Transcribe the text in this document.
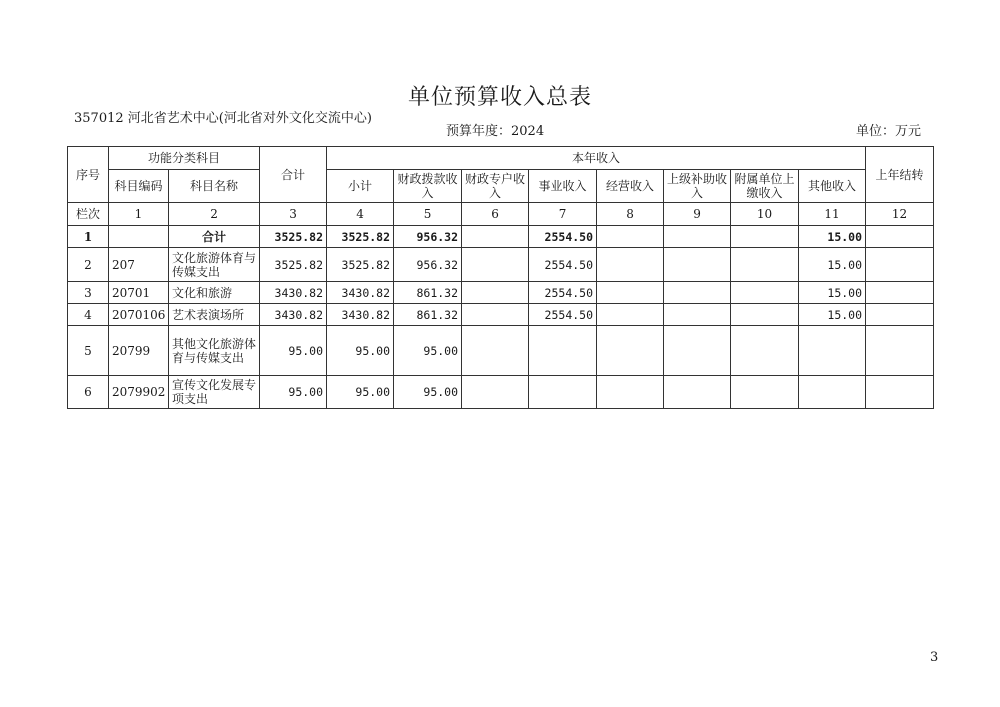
单位预算收入总表
357012 河北省艺术中心(河北省对外文化交流中心)
预算年度：2024	单位：万元
序号	功能分类科目		合计	本年收入								上年结转
	科目编码	科目名称		小计	财政拨款收入	财政专户收入	事业收入	经营收入	上级补助收入	附属单位上缴收入	其他收入	
栏次	1	2	3	4	5	6	7	8	9	10	11	12
1		合计	3525.82	3525.82	956.32		2554.50				15.00	
2	207	文化旅游体育与传媒支出	3525.82	3525.82	956.32		2554.50				15.00	
3	20701	文化和旅游	3430.82	3430.82	861.32		2554.50				15.00	
4	2070106	艺术表演场所	3430.82	3430.82	861.32		2554.50				15.00	
5	20799	其他文化旅游体育与传媒支出	95.00	95.00	95.00							
6	2079902	宣传文化发展专项支出	95.00	95.00	95.00							
3
